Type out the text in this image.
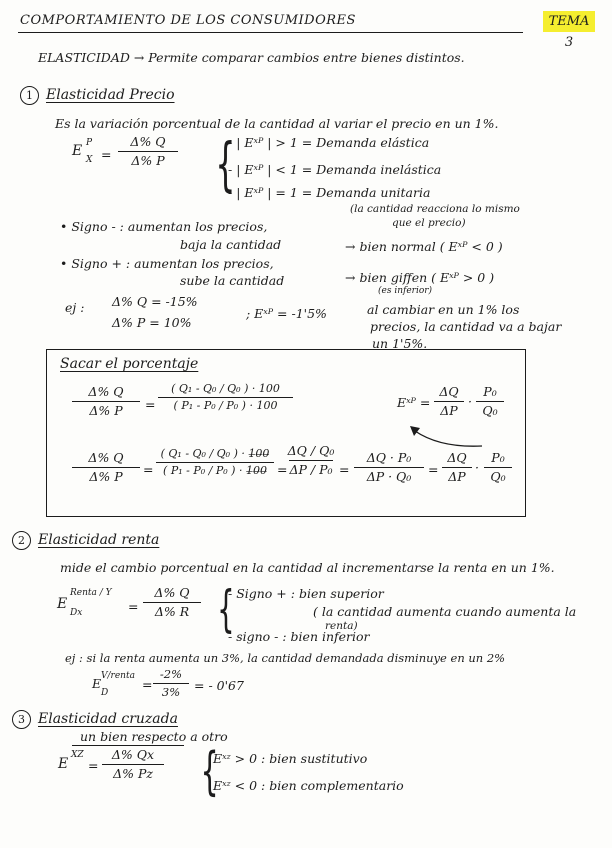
COMPORTAMIENTO DE LOS CONSUMIDORES	TEMA 3
ELASTICIDAD → Permite comparar cambios entre bienes distintos.
1 Elasticidad Precio
Es la variación porcentual de la cantidad al variar el precio en un 1%.
E P
X =
Δ% Q
Δ% P {
- | Eˣᴾ | > 1 = Demanda elástica
- | Eˣᴾ | < 1 = Demanda inelástica
- | Eˣᴾ | = 1 = Demanda unitaria
(la cantidad reacciona lo mismo
que el precio)
• Signo - : aumentan los precios,
baja la cantidad	→ bien normal ( Eˣᴾ < 0 )
• Signo + : aumentan los precios,
sube la cantidad	→ bien giffen ( Eˣᴾ > 0 )
(es inferior)
ej : Δ% Q = -15%
Δ% P = 10%
; Eˣᴾ = -1'5%	al cambiar en un 1% los
precios, la cantidad va a bajar
un 1'5%.
Sacar el porcentaje
Δ% Q
Δ% P =
( Q₁ - Q₀ / Q₀ ) · 100
( P₁ - P₀ / P₀ ) · 100	Eˣᴾ =
ΔQ
ΔP
·
P₀
Q₀
Δ% Q
Δ% P =
( Q₁ - Q₀ / Q₀ ) · 1̶0̶0̶
( P₁ - P₀ / P₀ ) · 1̶0̶0̶ =
ΔQ / Q₀
ΔP / P₀ =
ΔQ · P₀
ΔP · Q₀ =
ΔQ
ΔP
·
P₀
Q₀
2 Elasticidad renta
mide el cambio porcentual en la cantidad al incrementarse la renta en un 1%.
E
Renta / Y
Dx	=
Δ% Q
Δ% R {
- Signo + : bien superior
( la cantidad aumenta cuando aumenta la
renta)
- signo - : bien inferior
ej : si la renta aumenta un 3%, la cantidad demandada disminuye en un 2%
E V/renta
D
=
-2%
3% = - 0'67
3 Elasticidad cruzada
un bien respecto a otro
E
XZ
=
Δ% Qx
Δ% Pz {
Eˣᶻ > 0 : bien sustitutivo
Eˣᶻ < 0 : bien complementario
